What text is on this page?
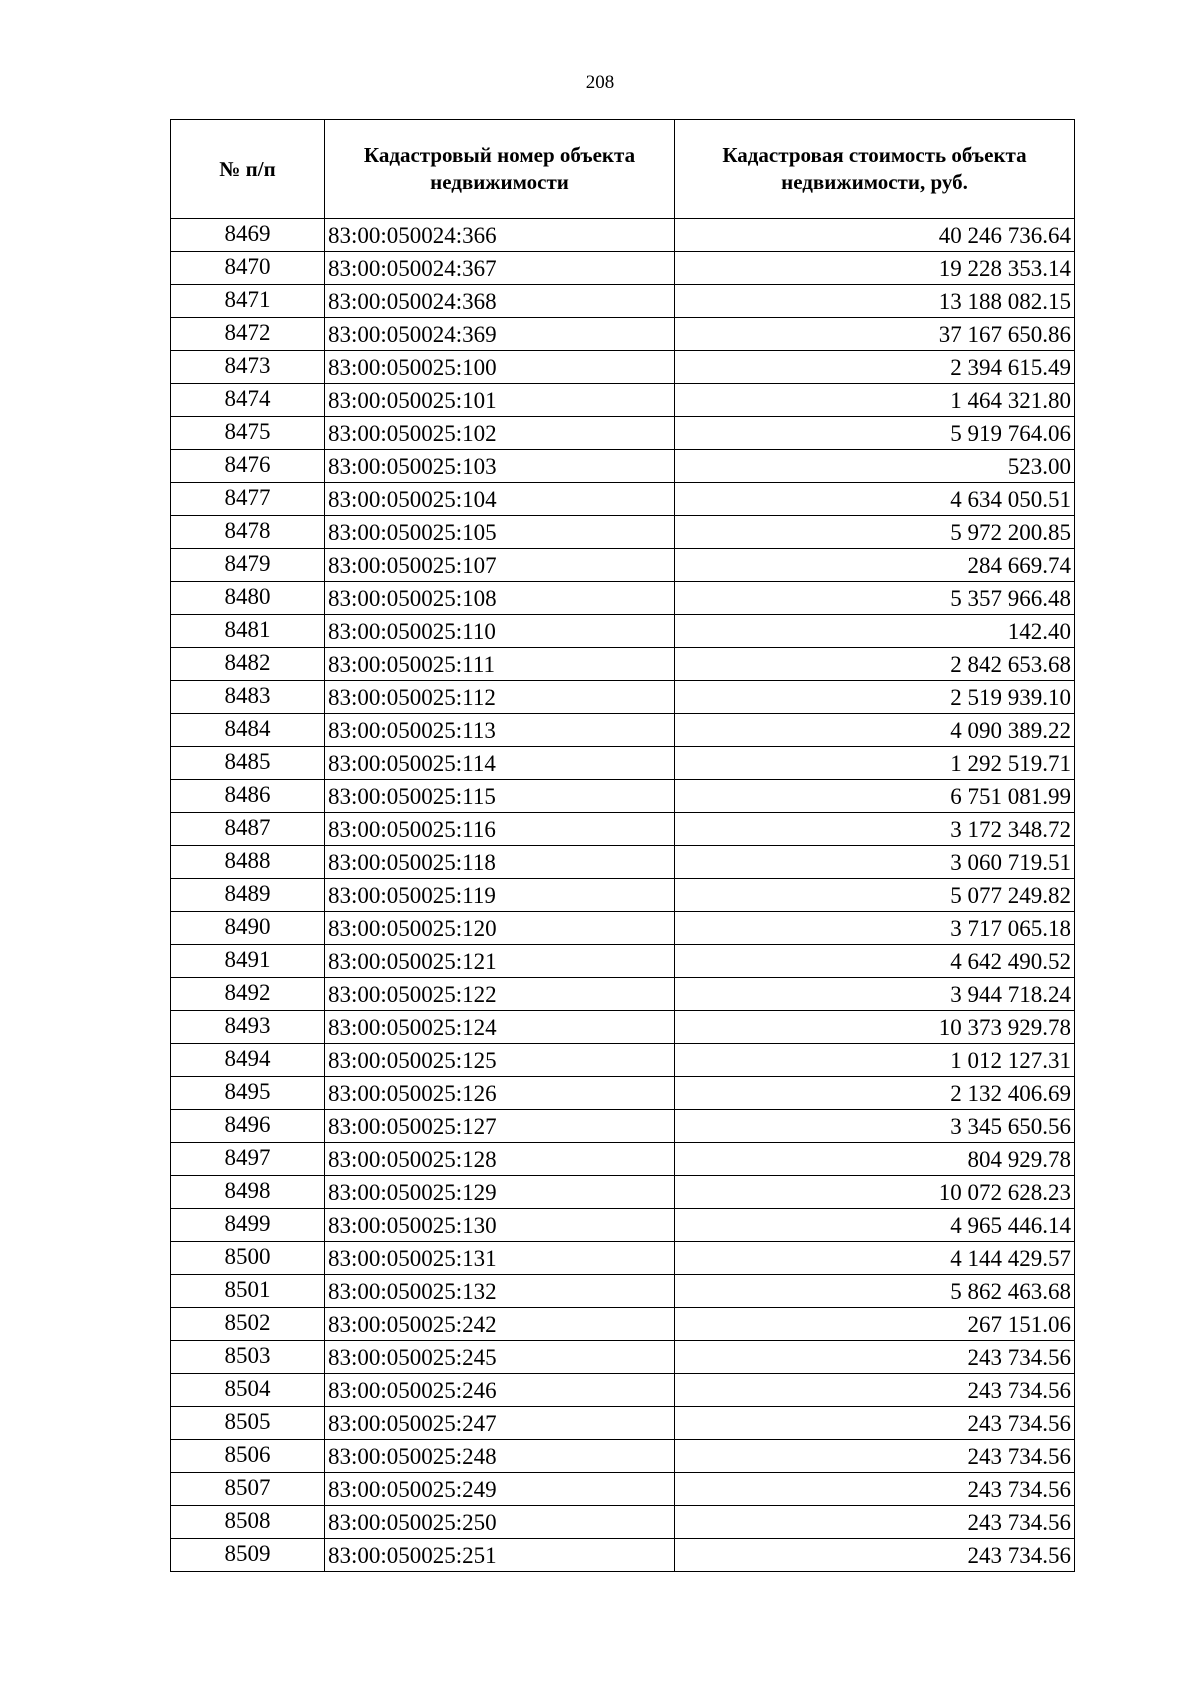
208
№ п/п	Кадастровый номер объекта недвижимости	Кадастровая стоимость объекта недвижимости, руб.
8469	83:00:050024:366	40 246 736.64
8470	83:00:050024:367	19 228 353.14
8471	83:00:050024:368	13 188 082.15
8472	83:00:050024:369	37 167 650.86
8473	83:00:050025:100	2 394 615.49
8474	83:00:050025:101	1 464 321.80
8475	83:00:050025:102	5 919 764.06
8476	83:00:050025:103	523.00
8477	83:00:050025:104	4 634 050.51
8478	83:00:050025:105	5 972 200.85
8479	83:00:050025:107	284 669.74
8480	83:00:050025:108	5 357 966.48
8481	83:00:050025:110	142.40
8482	83:00:050025:111	2 842 653.68
8483	83:00:050025:112	2 519 939.10
8484	83:00:050025:113	4 090 389.22
8485	83:00:050025:114	1 292 519.71
8486	83:00:050025:115	6 751 081.99
8487	83:00:050025:116	3 172 348.72
8488	83:00:050025:118	3 060 719.51
8489	83:00:050025:119	5 077 249.82
8490	83:00:050025:120	3 717 065.18
8491	83:00:050025:121	4 642 490.52
8492	83:00:050025:122	3 944 718.24
8493	83:00:050025:124	10 373 929.78
8494	83:00:050025:125	1 012 127.31
8495	83:00:050025:126	2 132 406.69
8496	83:00:050025:127	3 345 650.56
8497	83:00:050025:128	804 929.78
8498	83:00:050025:129	10 072 628.23
8499	83:00:050025:130	4 965 446.14
8500	83:00:050025:131	4 144 429.57
8501	83:00:050025:132	5 862 463.68
8502	83:00:050025:242	267 151.06
8503	83:00:050025:245	243 734.56
8504	83:00:050025:246	243 734.56
8505	83:00:050025:247	243 734.56
8506	83:00:050025:248	243 734.56
8507	83:00:050025:249	243 734.56
8508	83:00:050025:250	243 734.56
8509	83:00:050025:251	243 734.56
